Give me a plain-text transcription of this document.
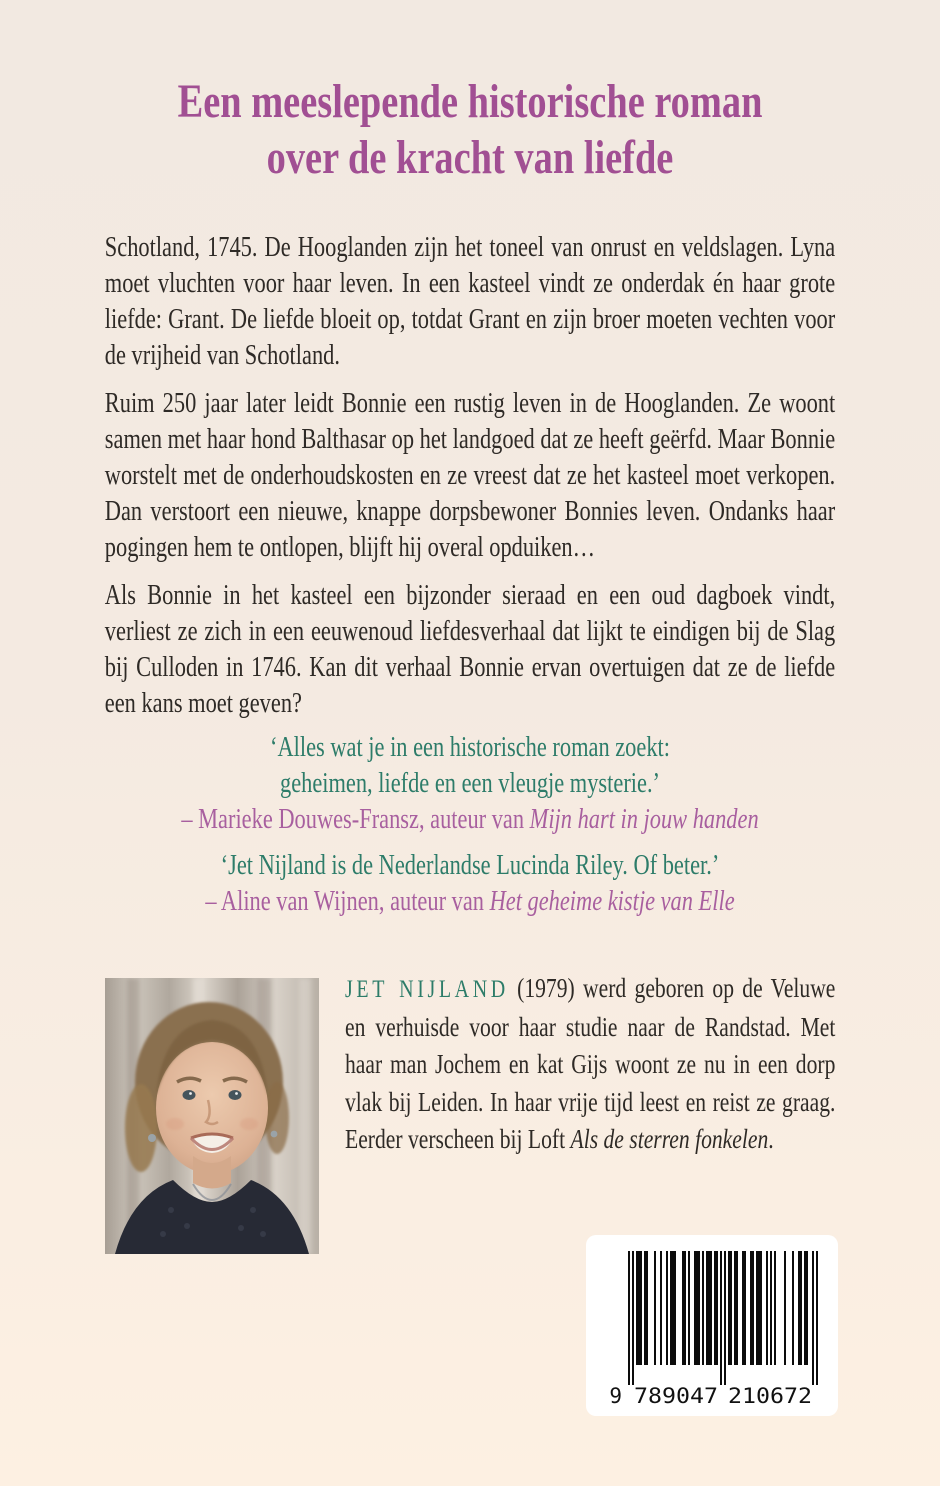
Een meeslepende historische roman
over de kracht van liefde

Schotland, 1745. De Hooglanden zijn het toneel van onrust en veldslagen. Lyna moet vluchten voor haar leven. In een kasteel vindt ze onderdak én haar grote liefde: Grant. De liefde bloeit op, totdat Grant en zijn broer moeten vechten voor de vrijheid van Schotland.

Ruim 250 jaar later leidt Bonnie een rustig leven in de Hooglanden. Ze woont samen met haar hond Balthasar op het landgoed dat ze heeft geërfd. Maar Bonnie worstelt met de onderhoudskosten en ze vreest dat ze het kasteel moet verkopen. Dan verstoort een nieuwe, knappe dorpsbewoner Bonnies leven. Ondanks haar pogingen hem te ontlopen, blijft hij overal opduiken…

Als Bonnie in het kasteel een bijzonder sieraad en een oud dagboek vindt, verliest ze zich in een eeuwenoud liefdesverhaal dat lijkt te eindigen bij de Slag bij Culloden in 1746. Kan dit verhaal Bonnie ervan overtuigen dat ze de liefde een kans moet geven?

‘Alles wat je in een historische roman zoekt:
geheimen, liefde en een vleugje mysterie.’
– Marieke Douwes-Fransz, auteur van Mijn hart in jouw handen
‘Jet Nijland is de Nederlandse Lucinda Riley. Of beter.’
– Aline van Wijnen, auteur van Het geheime kistje van Elle

JET NIJLAND (1979) werd geboren op de Veluwe en verhuisde voor haar studie naar de Randstad. Met haar man Jochem en kat Gijs woont ze nu in een dorp vlak bij Leiden. In haar vrije tijd leest en reist ze graag. Eerder verscheen bij Loft Als de sterren fonkelen.

9 789047 210672
